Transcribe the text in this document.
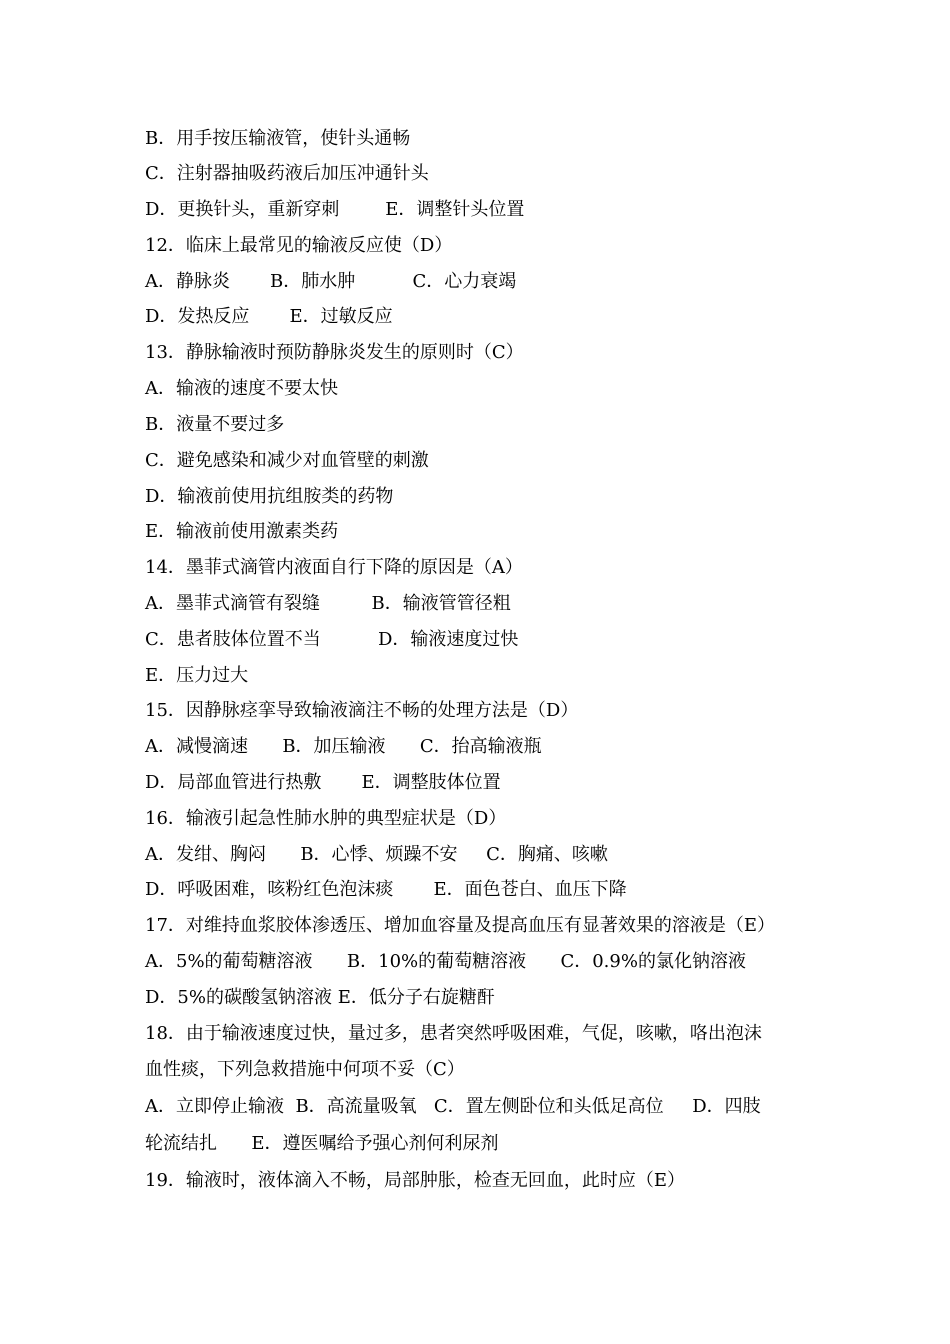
B．用手按压输液管，使针头通畅
C．注射器抽吸药液后加压冲通针头
D．更换针头，重新穿刺        E．调整针头位置
12．临床上最常见的输液反应使（D）
A．静脉炎       B．肺水肿          C．心力衰竭
D．发热反应       E．过敏反应
13．静脉输液时预防静脉炎发生的原则时（C）
A．输液的速度不要太快
B．液量不要过多
C．避免感染和减少对血管壁的刺激
D．输液前使用抗组胺类的药物
E．输液前使用激素类药
14．墨菲式滴管内液面自行下降的原因是（A）
A．墨菲式滴管有裂缝         B．输液管管径粗
C．患者肢体位置不当          D．输液速度过快
E．压力过大
15．因静脉痉挛导致输液滴注不畅的处理方法是（D）
A．减慢滴速      B．加压输液      C．抬高输液瓶
D．局部血管进行热敷       E．调整肢体位置
16．输液引起急性肺水肿的典型症状是（D）
A．发绀、胸闷      B．心悸、烦躁不安     C．胸痛、咳嗽
D．呼吸困难，咳粉红色泡沫痰       E．面色苍白、血压下降
17．对维持血浆胶体渗透压、增加血容量及提高血压有显著效果的溶液是（E）
A．5%的葡萄糖溶液      B．10%的葡萄糖溶液      C．0.9%的氯化钠溶液
D．5%的碳酸氢钠溶液 E．低分子右旋糖酐
18．由于输液速度过快，量过多，患者突然呼吸困难，气促，咳嗽，咯出泡沫
血性痰，下列急救措施中何项不妥（C）
A．立即停止输液  B．高流量吸氧   C．置左侧卧位和头低足高位     D．四肢
轮流结扎      E．遵医嘱给予强心剂何利尿剂
19．输液时，液体滴入不畅，局部肿胀，检查无回血，此时应（E）
